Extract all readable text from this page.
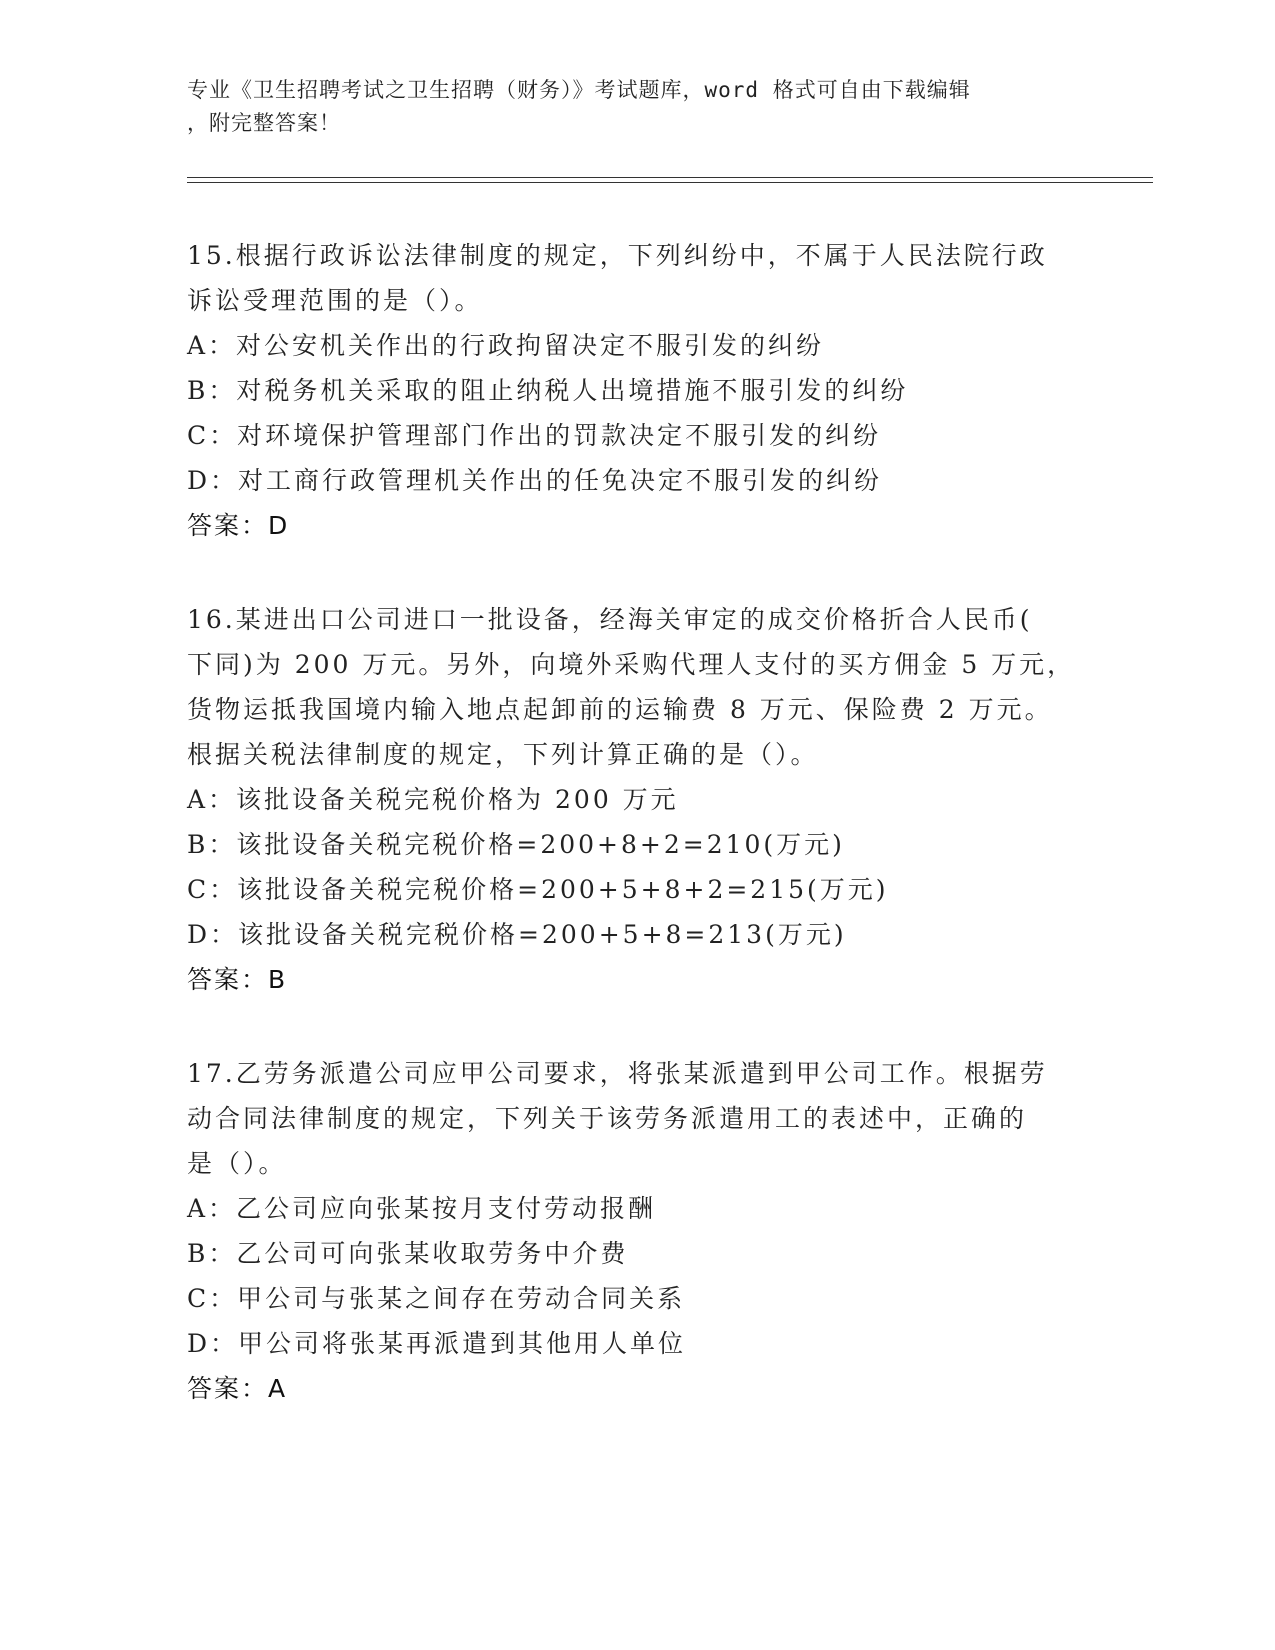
专业《卫生招聘考试之卫生招聘（财务）》考试题库，word 格式可自由下载编辑
，附完整答案！
15.根据行政诉讼法律制度的规定，下列纠纷中，不属于人民法院行政
诉讼受理范围的是（）。
A：对公安机关作出的行政拘留决定不服引发的纠纷
B：对税务机关采取的阻止纳税人出境措施不服引发的纠纷
C：对环境保护管理部门作出的罚款决定不服引发的纠纷
D：对工商行政管理机关作出的任免决定不服引发的纠纷
答案：D
16.某进出口公司进口一批设备，经海关审定的成交价格折合人民币(
下同)为 200 万元。另外，向境外采购代理人支付的买方佣金 5 万元，
货物运抵我国境内输入地点起卸前的运输费 8 万元、保险费 2 万元。
根据关税法律制度的规定，下列计算正确的是（）。
A：该批设备关税完税价格为 200 万元
B：该批设备关税完税价格=200+8+2=210(万元)
C：该批设备关税完税价格=200+5+8+2=215(万元)
D：该批设备关税完税价格=200+5+8=213(万元)
答案：B
17.乙劳务派遣公司应甲公司要求，将张某派遣到甲公司工作。根据劳
动合同法律制度的规定，下列关于该劳务派遣用工的表述中，正确的
是（）。
A：乙公司应向张某按月支付劳动报酬
B：乙公司可向张某收取劳务中介费
C：甲公司与张某之间存在劳动合同关系
D：甲公司将张某再派遣到其他用人单位
答案：A
